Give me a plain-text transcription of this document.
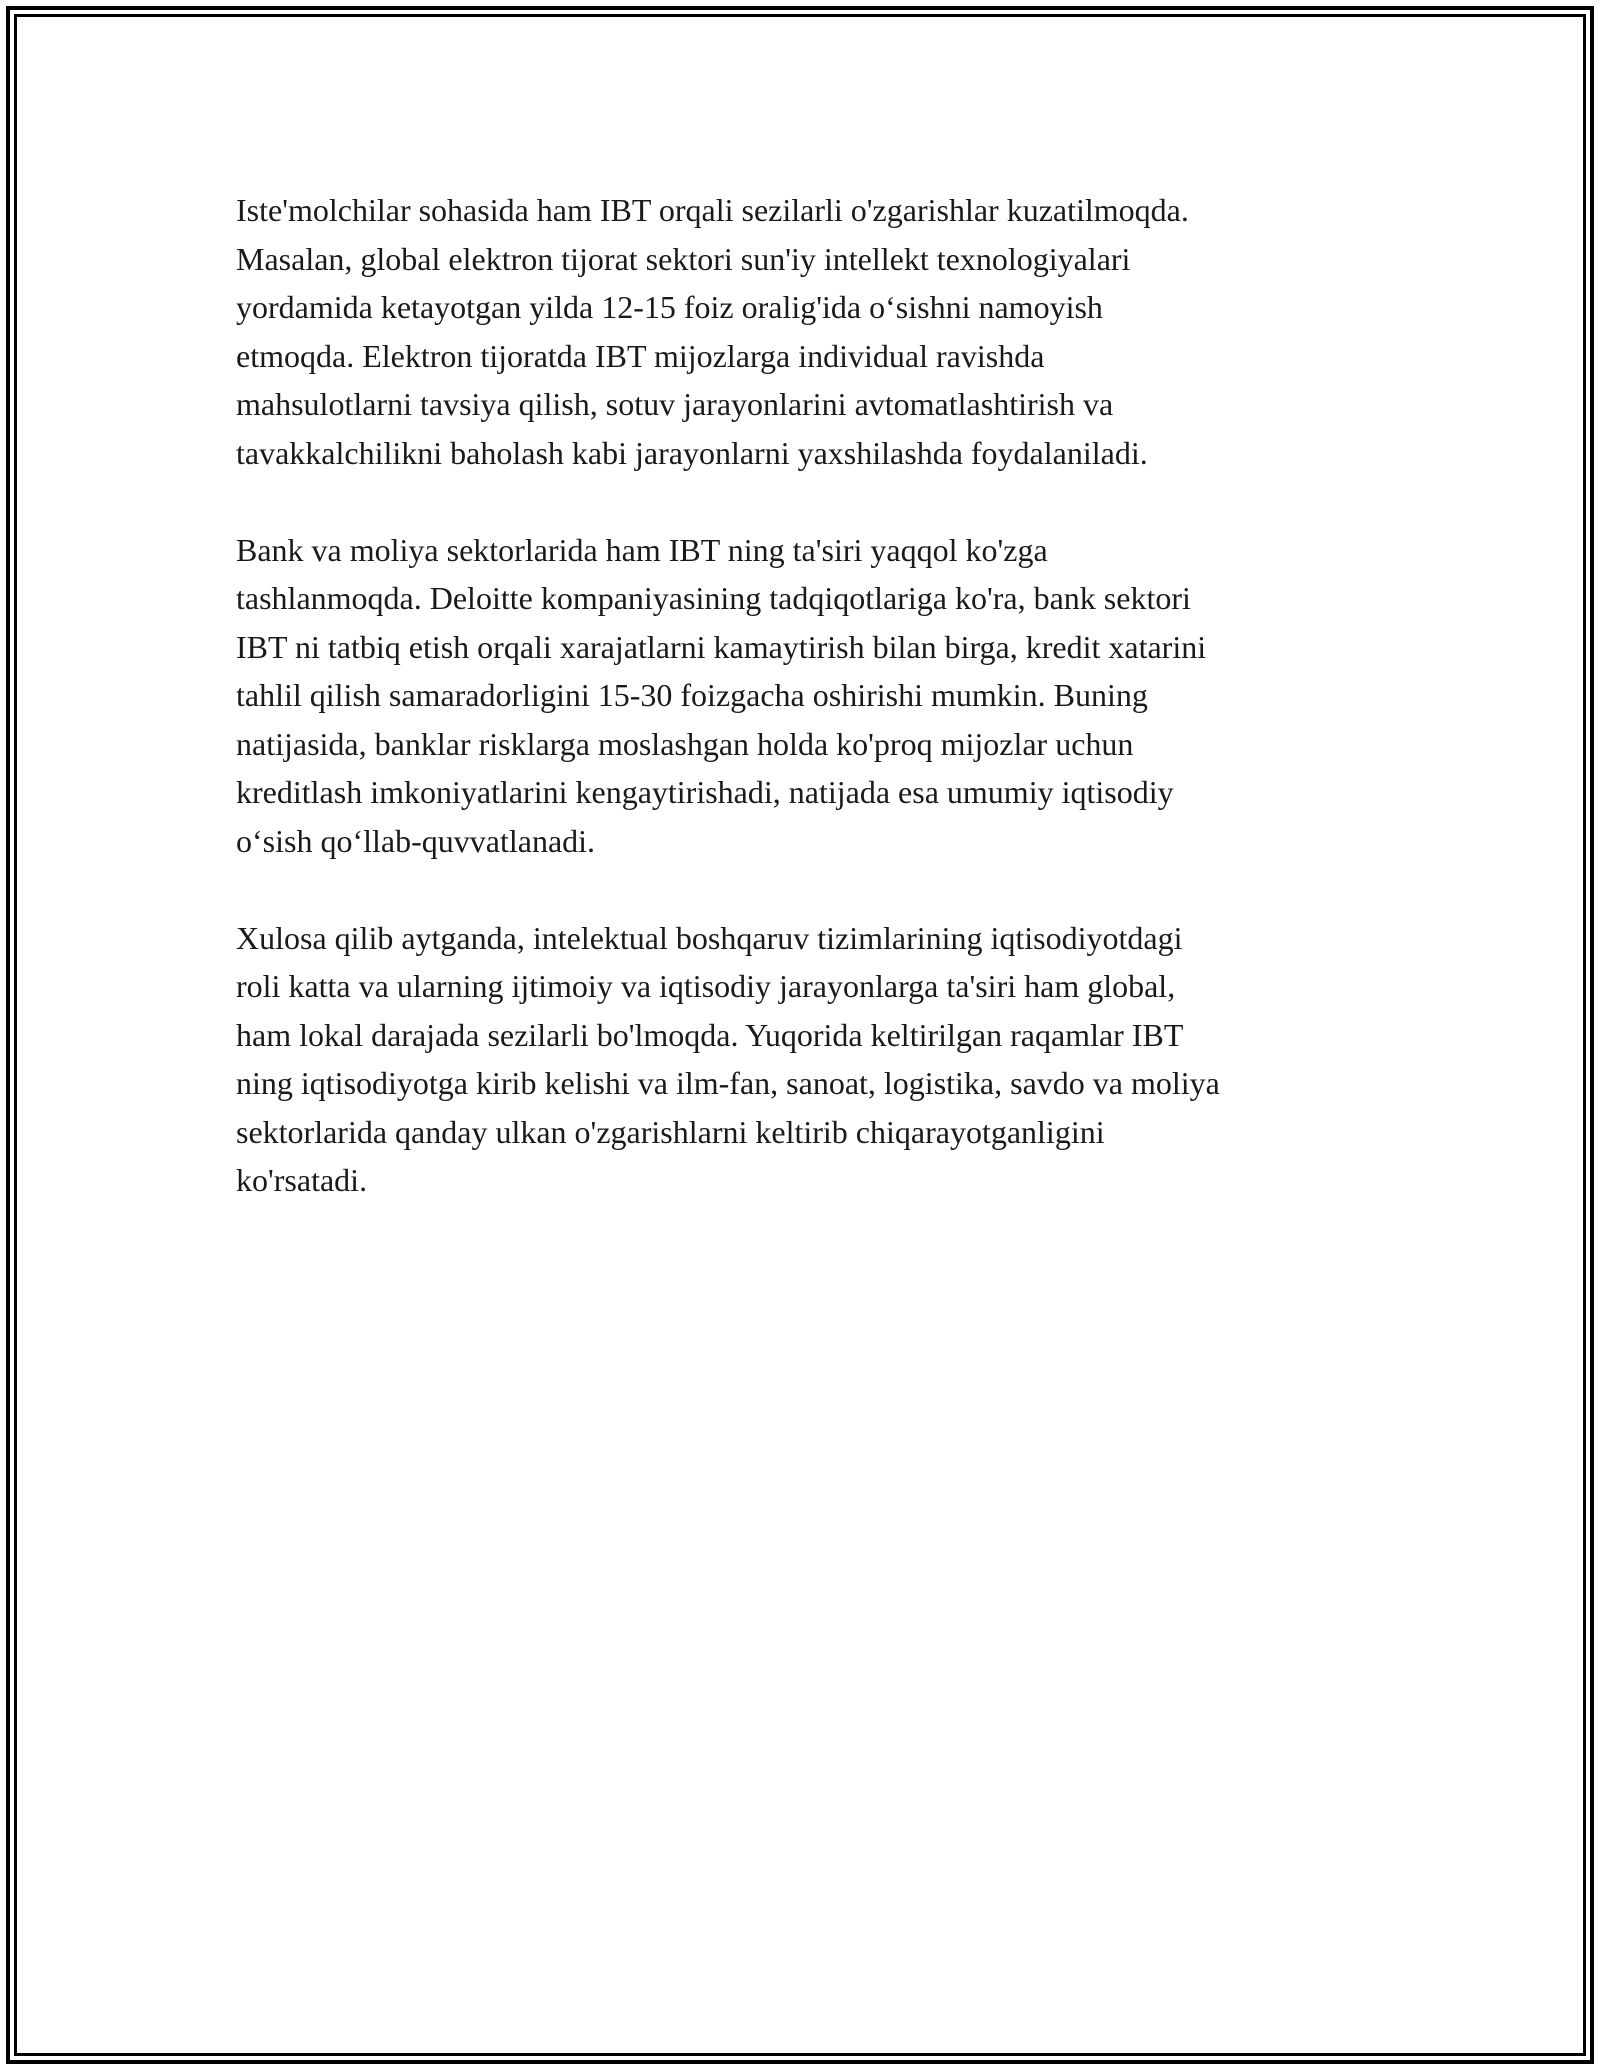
Iste'molchilar sohasida ham IBT orqali sezilarli o'zgarishlar kuzatilmoqda.
Masalan, global elektron tijorat sektori sun'iy intellekt texnologiyalari
yordamida ketayotgan yilda 12-15 foiz oralig'ida o‘sishni namoyish
etmoqda. Elektron tijoratda IBT mijozlarga individual ravishda
mahsulotlarni tavsiya qilish, sotuv jarayonlarini avtomatlashtirish va
tavakkalchilikni baholash kabi jarayonlarni yaxshilashda foydalaniladi.

Bank va moliya sektorlarida ham IBT ning ta'siri yaqqol ko'zga
tashlanmoqda. Deloitte kompaniyasining tadqiqotlariga ko'ra, bank sektori
IBT ni tatbiq etish orqali xarajatlarni kamaytirish bilan birga, kredit xatarini
tahlil qilish samaradorligini 15-30 foizgacha oshirishi mumkin. Buning
natijasida, banklar risklarga moslashgan holda ko'proq mijozlar uchun
kreditlash imkoniyatlarini kengaytirishadi, natijada esa umumiy iqtisodiy
o‘sish qo‘llab-quvvatlanadi.

Xulosa qilib aytganda, intelektual boshqaruv tizimlarining iqtisodiyotdagi
roli katta va ularning ijtimoiy va iqtisodiy jarayonlarga ta'siri ham global,
ham lokal darajada sezilarli bo'lmoqda. Yuqorida keltirilgan raqamlar IBT
ning iqtisodiyotga kirib kelishi va ilm-fan, sanoat, logistika, savdo va moliya
sektorlarida qanday ulkan o'zgarishlarni keltirib chiqarayotganligini
ko'rsatadi.
